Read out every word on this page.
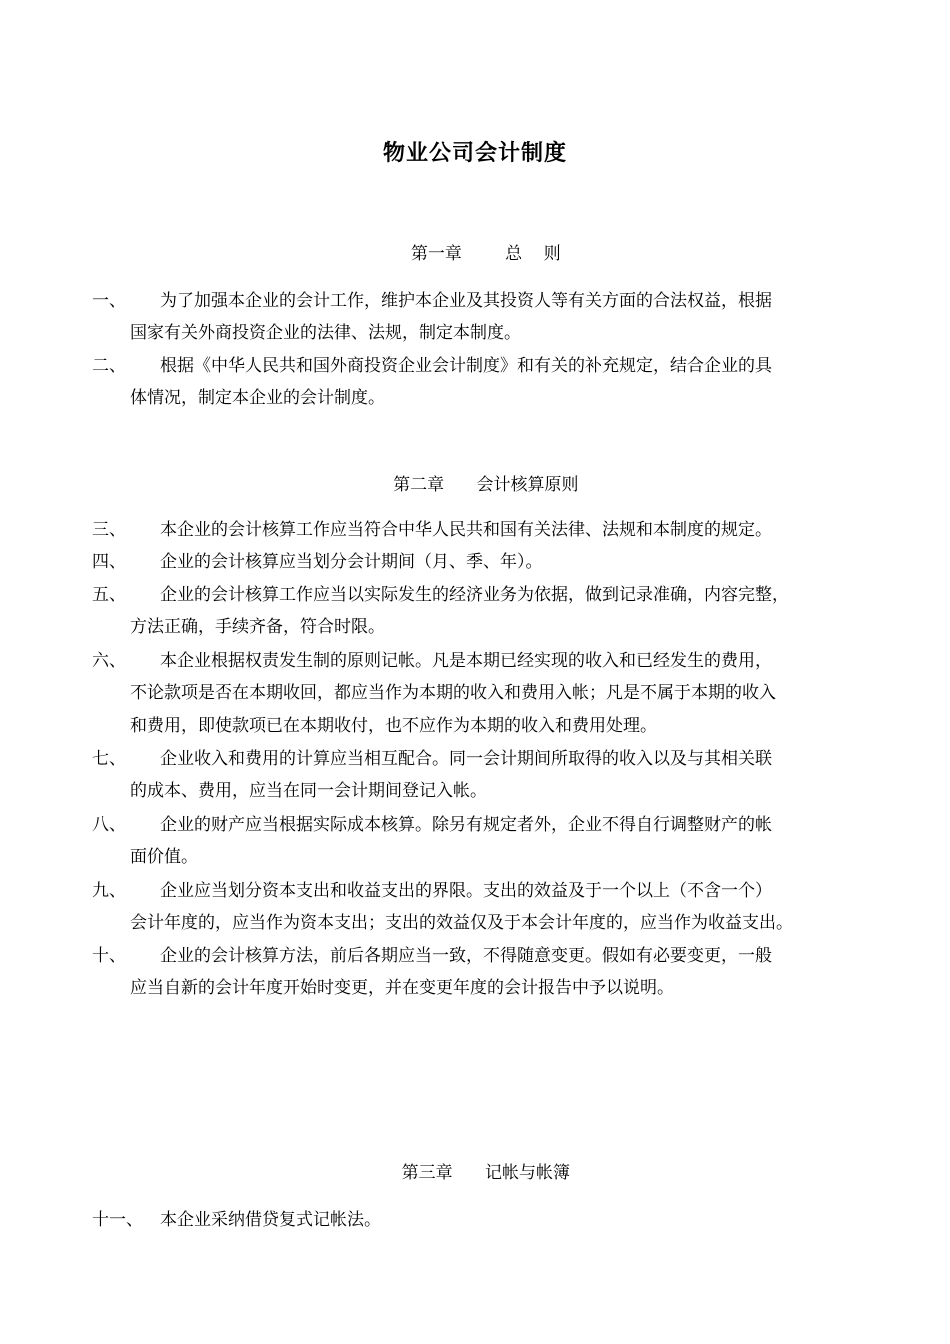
物业公司会计制度

第一章	总    则

一、 为了加强本企业的会计工作，维护本企业及其投资人等有关方面的合法权益，根据
国家有关外商投资企业的法律、法规，制定本制度。
二、 根据《中华人民共和国外商投资企业会计制度》和有关的补充规定，结合企业的具
体情况，制定本企业的会计制度。

第二章 会计核算原则

三、 本企业的会计核算工作应当符合中华人民共和国有关法律、法规和本制度的规定。
四、 企业的会计核算应当划分会计期间（月、季、年）。
五、 企业的会计核算工作应当以实际发生的经济业务为依据，做到记录准确，内容完整，
方法正确，手续齐备，符合时限。
六、 本企业根据权责发生制的原则记帐。凡是本期已经实现的收入和已经发生的费用，
不论款项是否在本期收回，都应当作为本期的收入和费用入帐；凡是不属于本期的收入
和费用，即使款项已在本期收付，也不应作为本期的收入和费用处理。
七、 企业收入和费用的计算应当相互配合。同一会计期间所取得的收入以及与其相关联
的成本、费用，应当在同一会计期间登记入帐。
八、 企业的财产应当根据实际成本核算。除另有规定者外，企业不得自行调整财产的帐
面价值。
九、 企业应当划分资本支出和收益支出的界限。支出的效益及于一个以上（不含一个）
会计年度的，应当作为资本支出；支出的效益仅及于本会计年度的，应当作为收益支出。
十、 企业的会计核算方法，前后各期应当一致，不得随意变更。假如有必要变更，一般
应当自新的会计年度开始时变更，并在变更年度的会计报告中予以说明。

第三章 记帐与帐簿

十一、 本企业采纳借贷复式记帐法。
